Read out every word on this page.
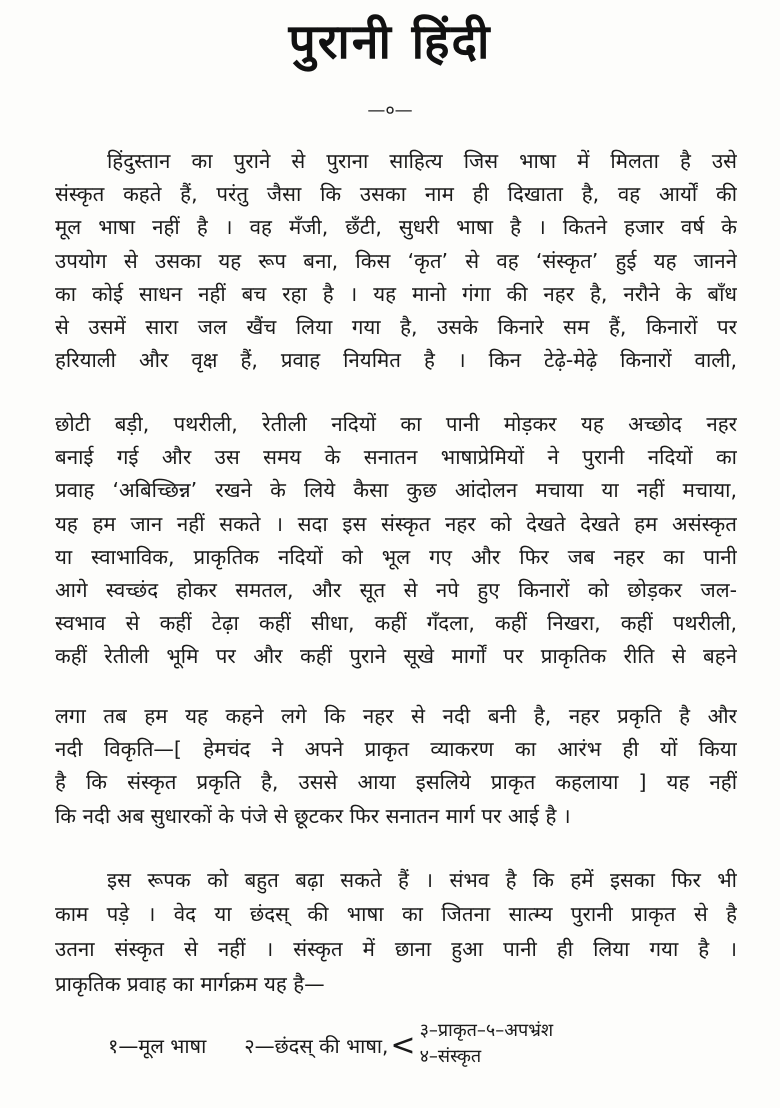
पुरानी हिंदी
—०—
हिंदुस्तान का पुराने से पुराना साहित्य जिस भाषा में मिलता है उसे
संस्कृत कहते हैं, परंतु जैसा कि उसका नाम ही दिखाता है, वह आर्यों की
मूल भाषा नहीं है । वह मँजी, छँटी, सुधरी भाषा है । कितने हजार वर्ष के
उपयोग से उसका यह रूप बना, किस ‘कृत’ से वह ‘संस्कृत’ हुई यह जानने
का कोई साधन नहीं बच रहा है । यह मानो गंगा की नहर है, नरौने के बाँध
से उसमें सारा जल खैंच लिया गया है, उसके किनारे सम हैं, किनारों पर
हरियाली और वृक्ष हैं, प्रवाह नियमित है । किन टेढ़े-मेढ़े किनारों वाली,
छोटी बड़ी, पथरीली, रेतीली नदियों का पानी मोड़कर यह अच्छोद नहर
बनाई गई और उस समय के सनातन भाषाप्रेमियों ने पुरानी नदियों का
प्रवाह ‘अबिच्छिन्न’ रखने के लिये कैसा कुछ आंदोलन मचाया या नहीं मचाया,
यह हम जान नहीं सकते । सदा इस संस्कृत नहर को देखते देखते हम असंस्कृत
या स्वाभाविक, प्राकृतिक नदियों को भूल गए और फिर जब नहर का पानी
आगे स्वच्छंद होकर समतल, और सूत से नपे हुए किनारों को छोड़कर जल-
स्वभाव से कहीं टेढ़ा कहीं सीधा, कहीं गँदला, कहीं निखरा, कहीं पथरीली,
कहीं रेतीली भूमि पर और कहीं पुराने सूखे मार्गों पर प्राकृतिक रीति से बहने
लगा तब हम यह कहने लगे कि नहर से नदी बनी है, नहर प्रकृति है और
नदी विकृति—[ हेमचंद ने अपने प्राकृत व्याकरण का आरंभ ही यों किया
है कि संस्कृत प्रकृति है, उससे आया इसलिये प्राकृत कहलाया ] यह नहीं
कि नदी अब सुधारकों के पंजे से छूटकर फिर सनातन मार्ग पर आई है ।
इस रूपक को बहुत बढ़ा सकते हैं । संभव है कि हमें इसका फिर भी
काम पड़े । वेद या छंदस् की भाषा का जितना सात्म्य पुरानी प्राकृत से है
उतना संस्कृत से नहीं । संस्कृत में छाना हुआ पानी ही लिया गया है ।
प्राकृतिक प्रवाह का मार्गक्रम यह है—
१—मूल भाषा २—छंदस् की भाषा, < ३–प्राकृत–५–अपभ्रंश
४–संस्कृत
